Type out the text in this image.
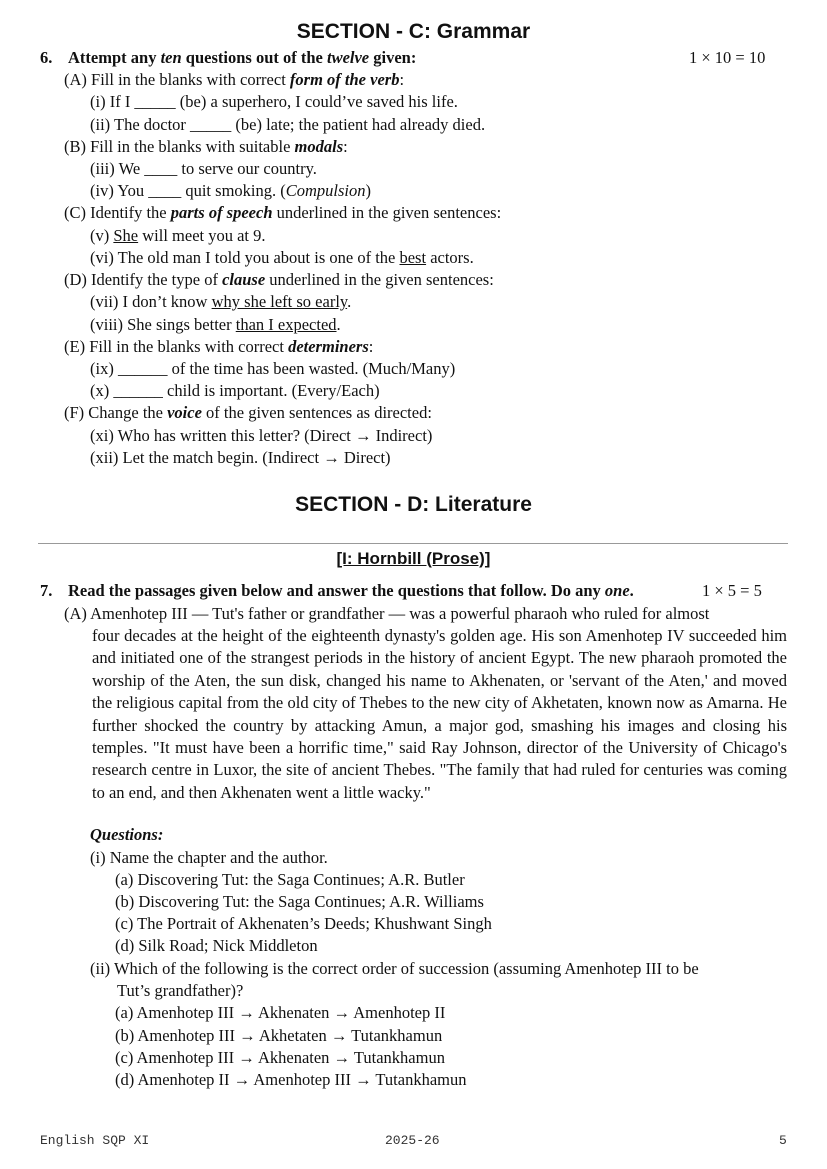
SECTION - C: Grammar
6. Attempt any ten questions out of the twelve given:	1 × 10 = 10
(A) Fill in the blanks with correct form of the verb:
(i) If I _____ (be) a superhero, I could’ve saved his life.
(ii) The doctor _____ (be) late; the patient had already died.
(B) Fill in the blanks with suitable modals:
(iii) We ____ to serve our country.
(iv) You ____ quit smoking. (Compulsion)
(C) Identify the parts of speech underlined in the given sentences:
(v) She will meet you at 9.
(vi) The old man I told you about is one of the best actors.
(D) Identify the type of clause underlined in the given sentences:
(vii) I don’t know why she left so early.
(viii) She sings better than I expected.
(E) Fill in the blanks with correct determiners:
(ix) ______ of the time has been wasted. (Much/Many)
(x) ______ child is important. (Every/Each)
(F) Change the voice of the given sentences as directed:
(xi) Who has written this letter? (Direct → Indirect)
(xii) Let the match begin. (Indirect → Direct)
SECTION - D: Literature
[I: Hornbill (Prose)]
7. Read the passages given below and answer the questions that follow. Do any one.	1 × 5 = 5
(A) Amenhotep III — Tut's father or grandfather — was a powerful pharaoh who ruled for almost
four decades at the height of the eighteenth dynasty's golden age. His son Amenhotep IV succeeded him and initiated one of the strangest periods in the history of ancient Egypt. The new pharaoh promoted the worship of the Aten, the sun disk, changed his name to Akhenaten, or 'servant of the Aten,' and moved the religious capital from the old city of Thebes to the new city of Akhetaten, known now as Amarna. He further shocked the country by attacking Amun, a major god, smashing his images and closing his temples. "It must have been a horrific time," said Ray Johnson, director of the University of Chicago's research centre in Luxor, the site of ancient Thebes. "The family that had ruled for centuries was coming to an end, and then Akhenaten went a little wacky."
Questions:
(i) Name the chapter and the author.
(a) Discovering Tut: the Saga Continues; A.R. Butler
(b) Discovering Tut: the Saga Continues; A.R. Williams
(c) The Portrait of Akhenaten’s Deeds; Khushwant Singh
(d) Silk Road; Nick Middleton
(ii) Which of the following is the correct order of succession (assuming Amenhotep III to be
Tut’s grandfather)?
(a) Amenhotep III → Akhenaten → Amenhotep II
(b) Amenhotep III → Akhetaten → Tutankhamun
(c) Amenhotep III → Akhenaten → Tutankhamun
(d) Amenhotep II → Amenhotep III → Tutankhamun
English SQP XI	2025-26	5
